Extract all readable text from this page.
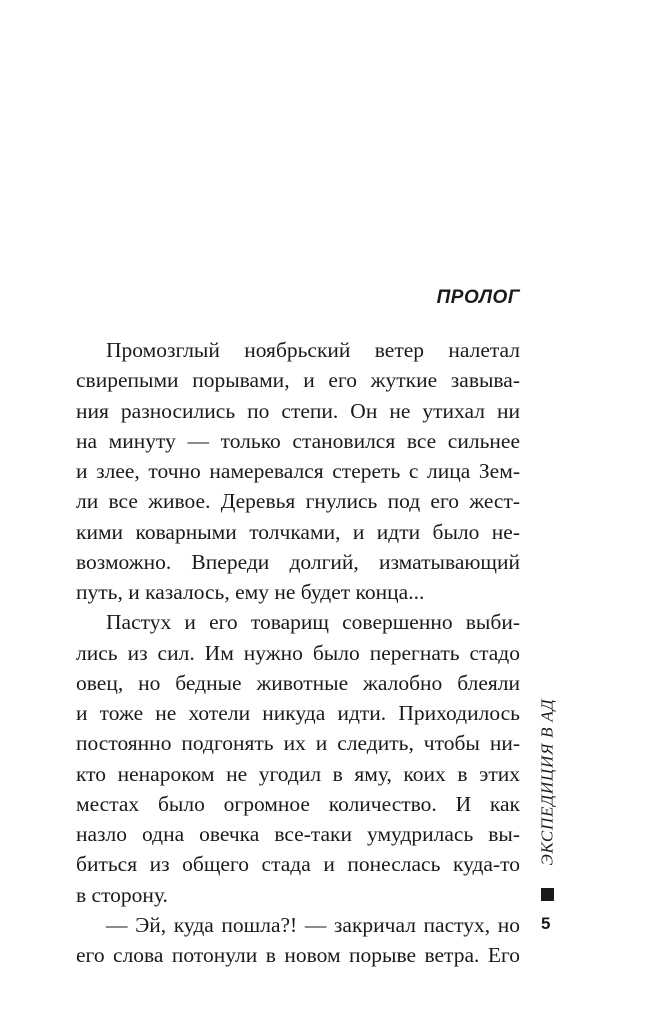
ПРОЛОГ
Промозглый ноябрьский ветер налетал
свирепыми порывами, и его жуткие завыва-
ния разносились по степи. Он не утихал ни
на минуту — только становился все сильнее
и злее, точно намеревался стереть с лица Зем-
ли все живое. Деревья гнулись под его жест-
кими коварными толчками, и идти было не-
возможно. Впереди долгий, изматывающий
путь, и казалось, ему не будет конца...
Пастух и его товарищ совершенно выби-
лись из сил. Им нужно было перегнать стадо
овец, но бедные животные жалобно блеяли
и тоже не хотели никуда идти. Приходилось
постоянно подгонять их и следить, чтобы ни-
кто ненароком не угодил в яму, коих в этих
местах было огромное количество. И как
назло одна овечка все-таки умудрилась вы-
биться из общего стада и понеслась куда-то
в сторону.
— Эй, куда пошла?! — закричал пастух, но
его слова потонули в новом порыве ветра. Его
ЭКСПЕДИЦИЯ В АД
5
